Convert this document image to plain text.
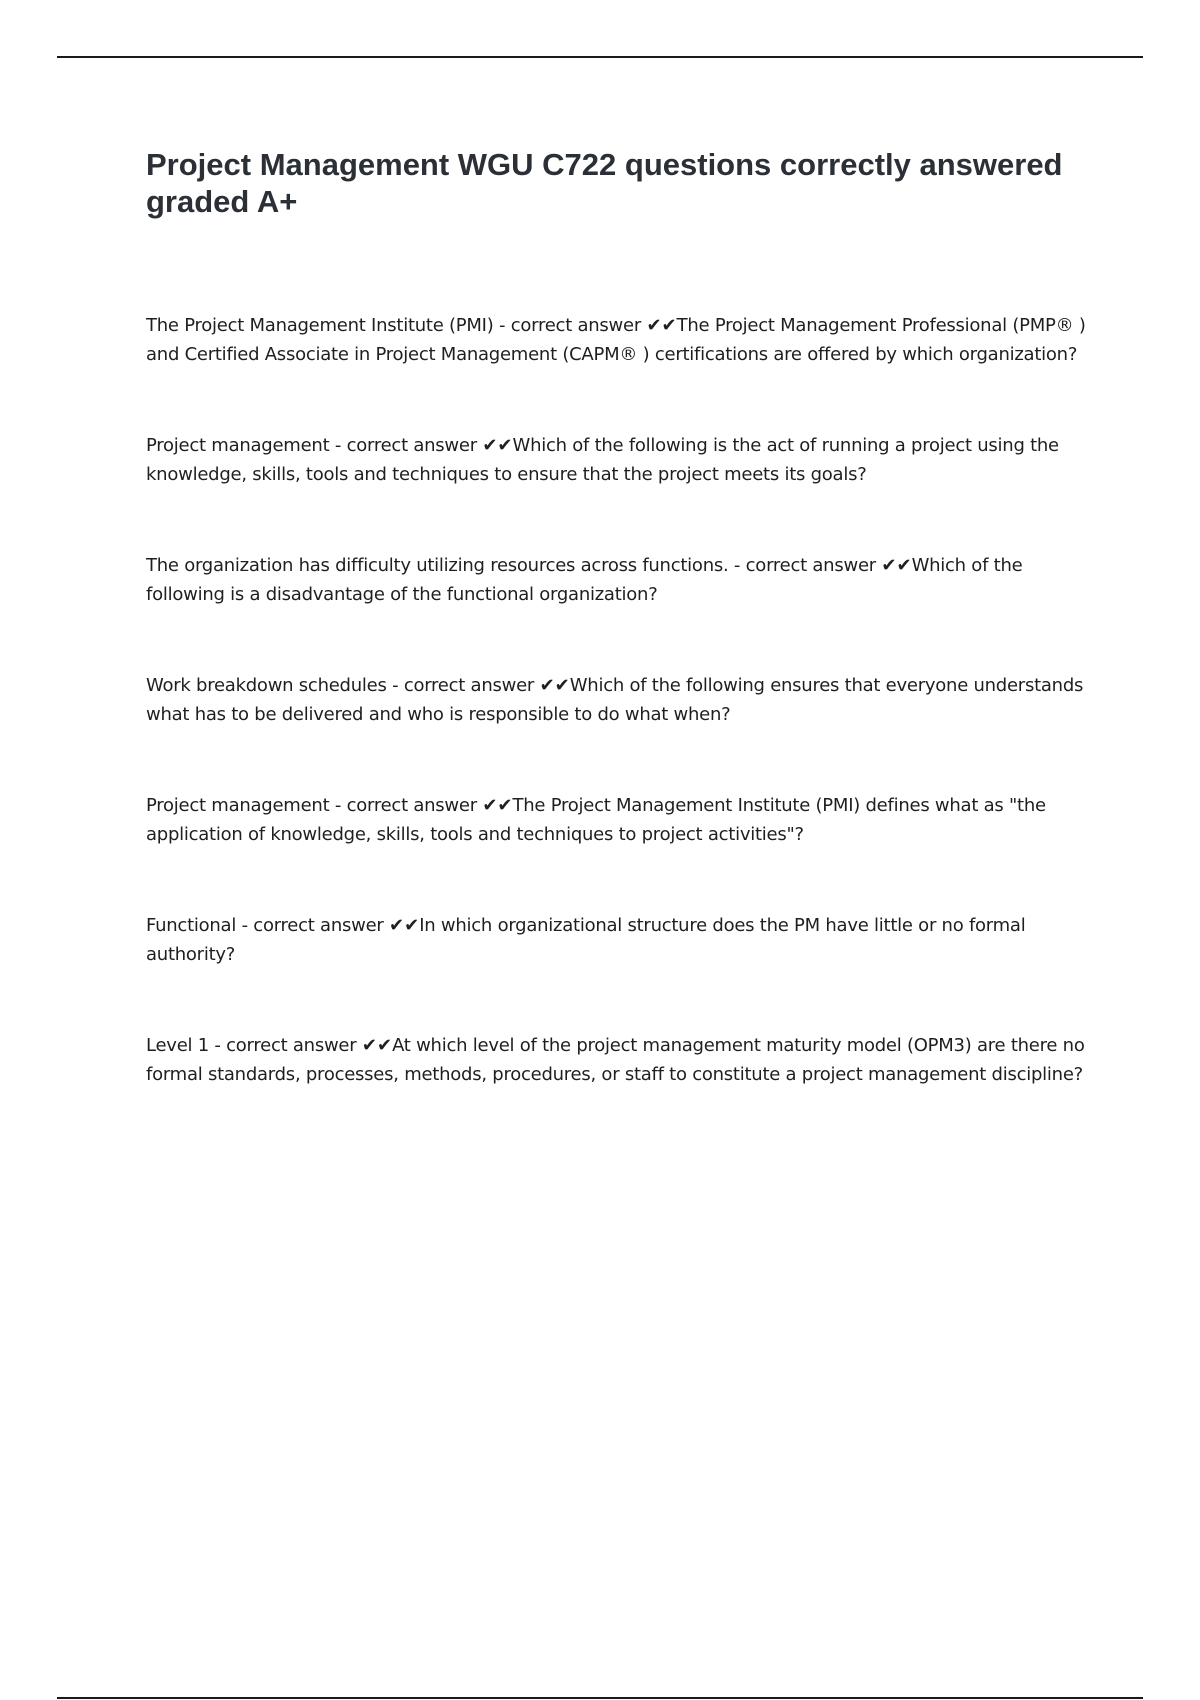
Project Management WGU C722 questions correctly answered graded A+

The Project Management Institute (PMI) - correct answer ✔✔The Project Management Professional (PMP® ) and Certified Associate in Project Management (CAPM® ) certifications are offered by which organization?

Project management - correct answer ✔✔Which of the following is the act of running a project using the knowledge, skills, tools and techniques to ensure that the project meets its goals?

The organization has difficulty utilizing resources across functions. - correct answer ✔✔Which of the following is a disadvantage of the functional organization?

Work breakdown schedules - correct answer ✔✔Which of the following ensures that everyone understands what has to be delivered and who is responsible to do what when?

Project management - correct answer ✔✔The Project Management Institute (PMI) defines what as "the application of knowledge, skills, tools and techniques to project activities"?

Functional - correct answer ✔✔In which organizational structure does the PM have little or no formal authority?

Level 1 - correct answer ✔✔At which level of the project management maturity model (OPM3) are there no formal standards, processes, methods, procedures, or staff to constitute a project management discipline?
